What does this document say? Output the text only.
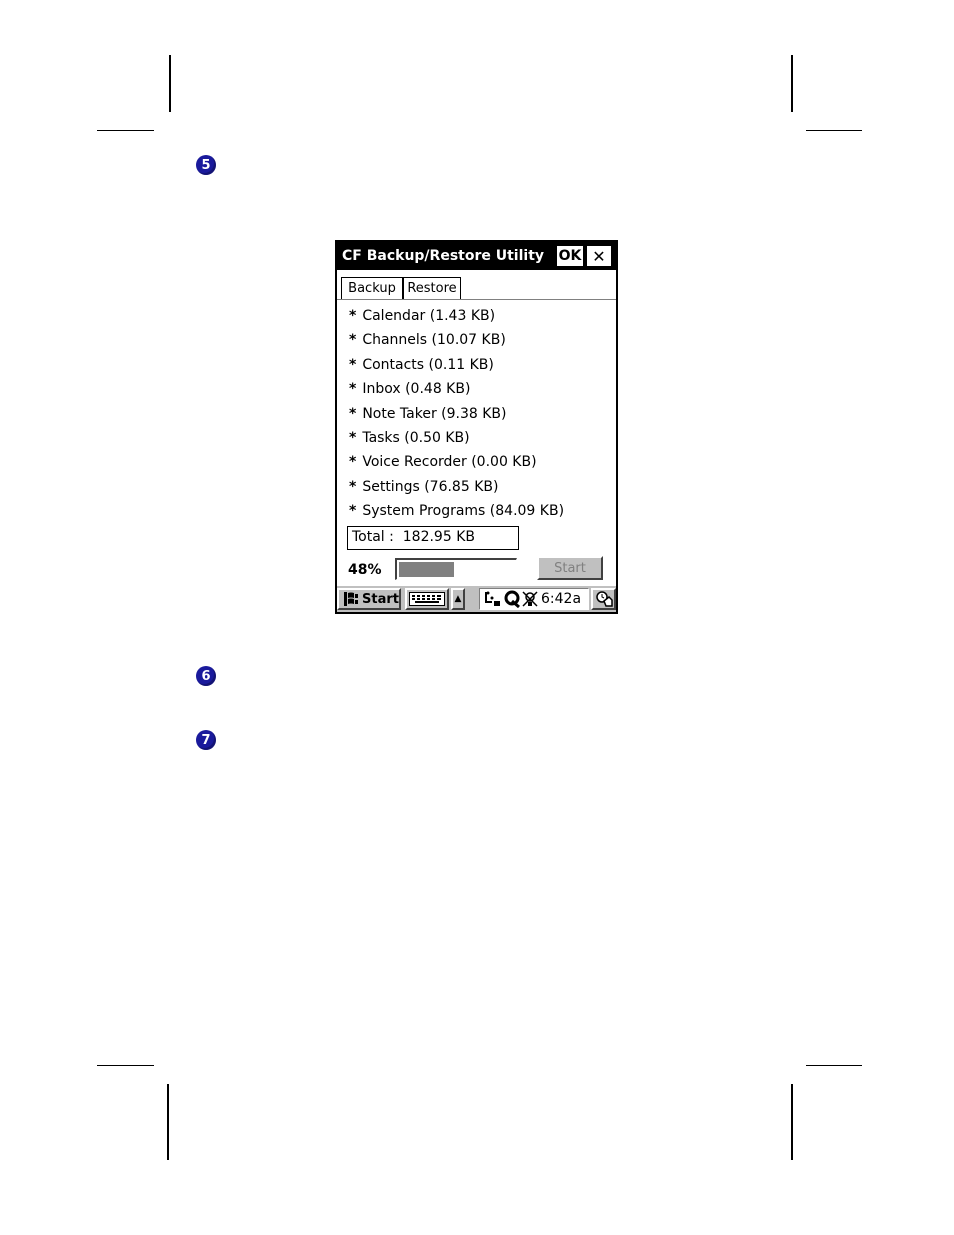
5
6
7
CF Backup/Restore Utility OK ✕
Backup Restore
* Calendar (1.43 KB)
* Channels (10.07 KB)
* Contacts (0.11 KB)
* Inbox (0.48 KB)
* Note Taker (9.38 KB)
* Tasks (0.50 KB)
* Voice Recorder (0.00 KB)
* Settings (76.85 KB)
* System Programs (84.09 KB)
Total :  182.95 KB
48%	Start
Start	▲	6:42a
